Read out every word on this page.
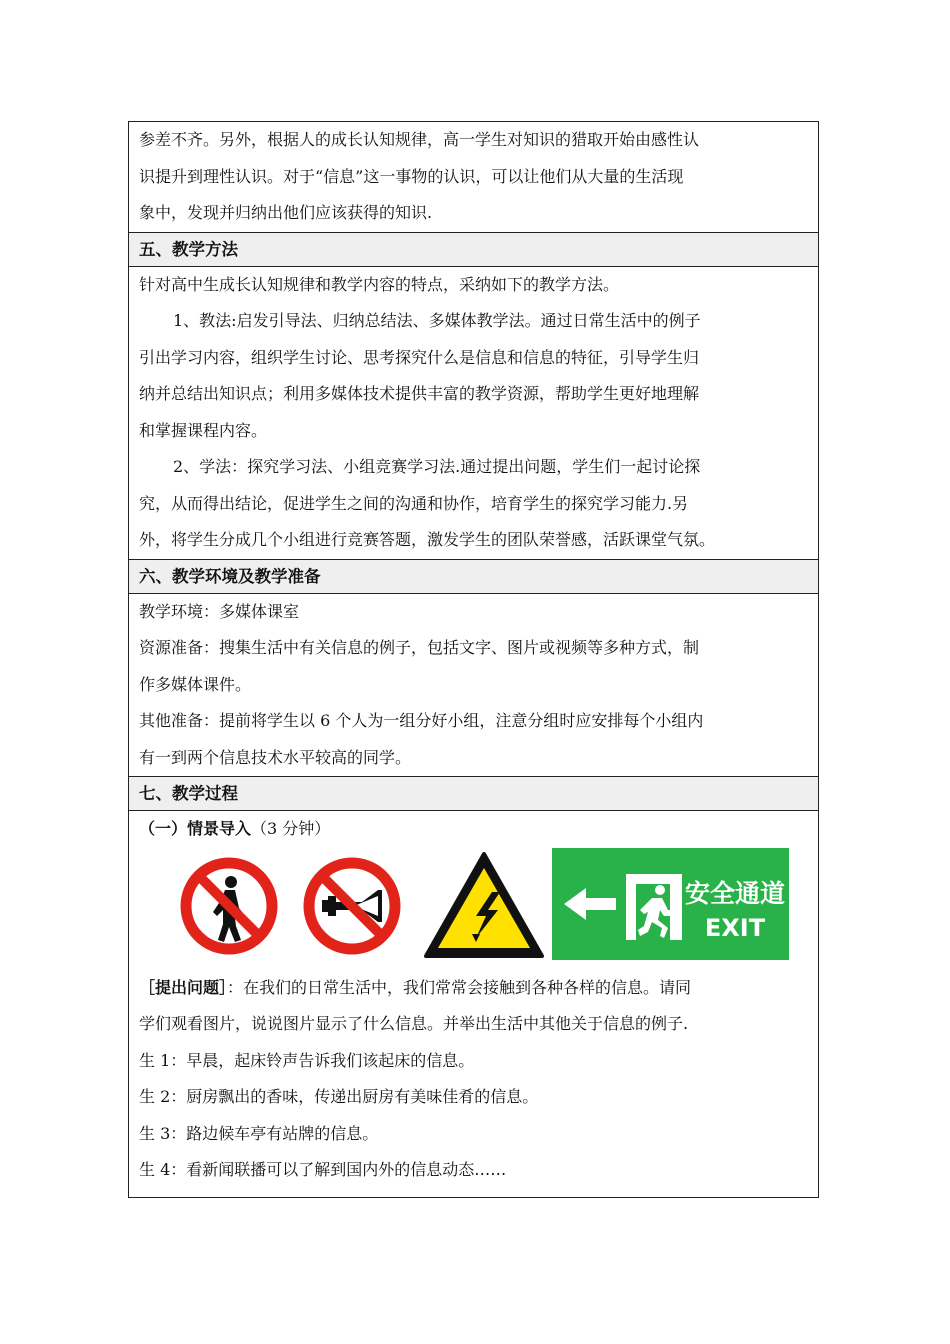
参差不齐。另外，根据人的成长认知规律，高一学生对知识的猎取开始由感性认
识提升到理性认识。对于“信息”这一事物的认识，可以让他们从大量的生活现
象中，发现并归纳出他们应该获得的知识.
五、教学方法
针对高中生成长认知规律和教学内容的特点，采纳如下的教学方法。
1、教法:启发引导法、归纳总结法、多媒体教学法。通过日常生活中的例子
引出学习内容，组织学生讨论、思考探究什么是信息和信息的特征，引导学生归
纳并总结出知识点；利用多媒体技术提供丰富的教学资源，帮助学生更好地理解
和掌握课程内容。
2、学法：探究学习法、小组竞赛学习法.通过提出问题，学生们一起讨论探
究，从而得出结论，促进学生之间的沟通和协作，培育学生的探究学习能力.另
外，将学生分成几个小组进行竞赛答题，激发学生的团队荣誉感，活跃课堂气氛。
六、教学环境及教学准备
教学环境：多媒体课室
资源准备：搜集生活中有关信息的例子，包括文字、图片或视频等多种方式，制
作多媒体课件。
其他准备：提前将学生以 6 个人为一组分好小组，注意分组时应安排每个小组内
有一到两个信息技术水平较高的同学。
七、教学过程
（一）情景导入（3 分钟）
安全通道
EXIT
［提出问题］：在我们的日常生活中，我们常常会接触到各种各样的信息。请同
学们观看图片，说说图片显示了什么信息。并举出生活中其他关于信息的例子.
生 1：早晨，起床铃声告诉我们该起床的信息。
生 2：厨房飘出的香味，传递出厨房有美味佳肴的信息。
生 3：路边候车亭有站牌的信息。
生 4：看新闻联播可以了解到国内外的信息动态……
